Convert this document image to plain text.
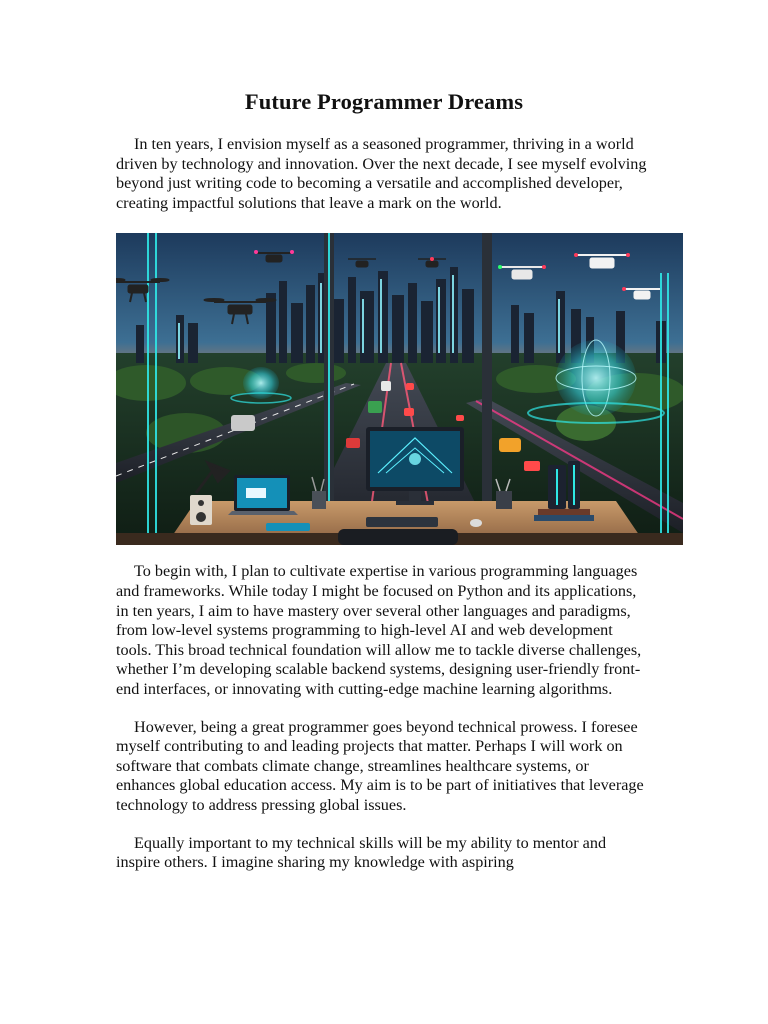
Future Programmer Dreams

In ten years, I envision myself as a seasoned programmer, thriving in a world driven by technology and innovation. Over the next decade, I see myself evolving beyond just writing code to becoming a versatile and accomplished developer, creating impactful solutions that leave a mark on the world.

To begin with, I plan to cultivate expertise in various programming languages and frameworks. While today I might be focused on Python and its applications, in ten years, I aim to have mastery over several other languages and paradigms, from low-level systems programming to high-level AI and web development tools. This broad technical foundation will allow me to tackle diverse challenges, whether I’m developing scalable backend systems, designing user-friendly front-end interfaces, or innovating with cutting-edge machine learning algorithms.

However, being a great programmer goes beyond technical prowess. I foresee myself contributing to and leading projects that matter. Perhaps I will work on software that combats climate change, streamlines healthcare systems, or enhances global education access. My aim is to be part of initiatives that leverage technology to address pressing global issues.

Equally important to my technical skills will be my ability to mentor and inspire others. I imagine sharing my knowledge with aspiring
